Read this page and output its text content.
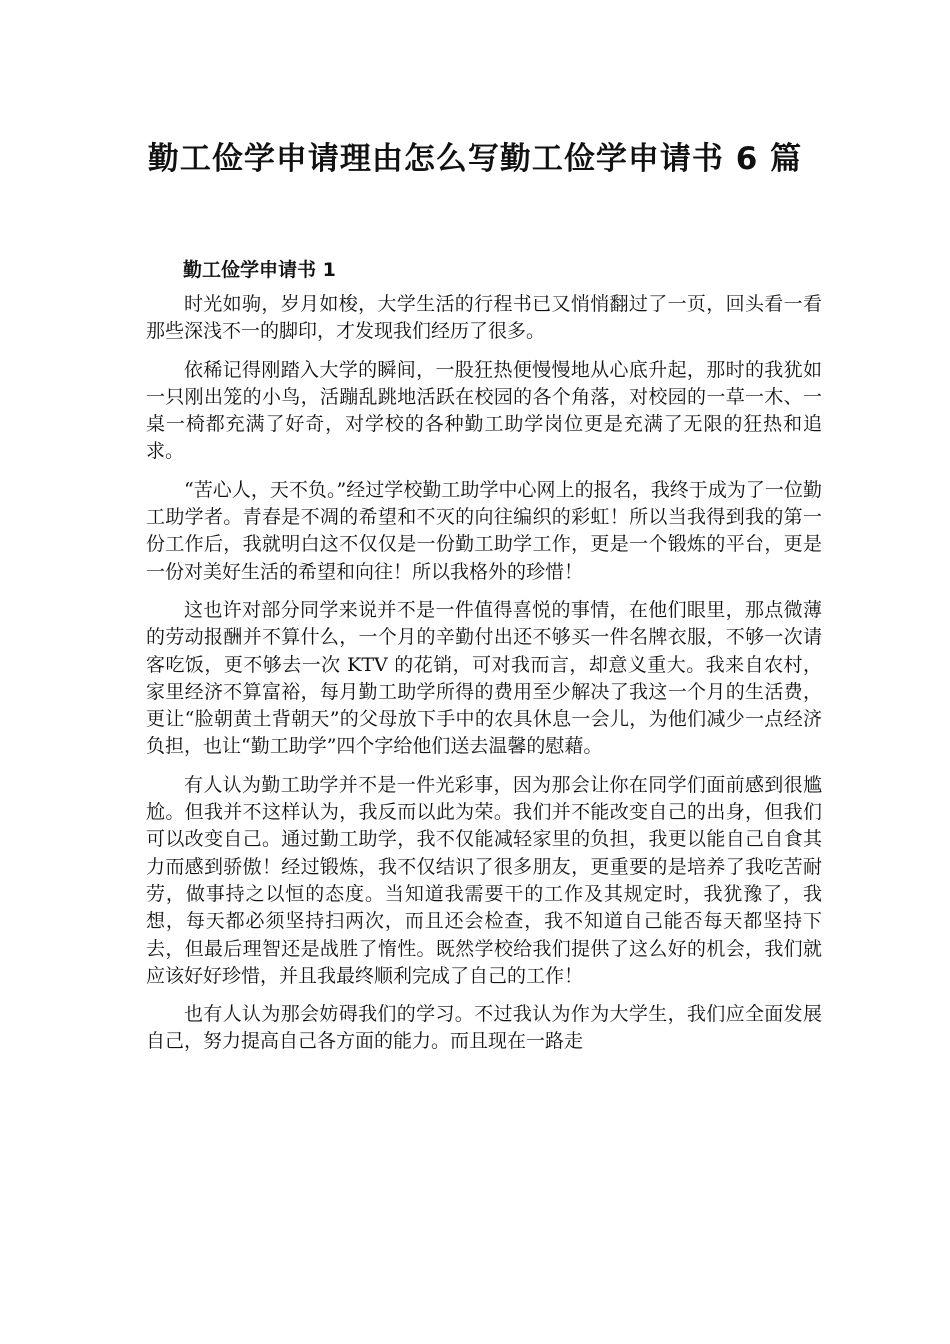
勤工俭学申请理由怎么写勤工俭学申请书 6 篇
勤工俭学申请书 1

时光如驹，岁月如梭，大学生活的行程书已又悄悄翻过了一页，回头看一看那些深浅不一的脚印，才发现我们经历了很多。

依稀记得刚踏入大学的瞬间，一股狂热便慢慢地从心底升起，那时的我犹如一只刚出笼的小鸟，活蹦乱跳地活跃在校园的各个角落，对校园的一草一木、一桌一椅都充满了好奇，对学校的各种勤工助学岗位更是充满了无限的狂热和追求。

“苦心人，天不负。”经过学校勤工助学中心网上的报名，我终于成为了一位勤工助学者。青春是不凋的希望和不灭的向往编织的彩虹！所以当我得到我的第一份工作后，我就明白这不仅仅是一份勤工助学工作，更是一个锻炼的平台，更是一份对美好生活的希望和向往！所以我格外的珍惜！

这也许对部分同学来说并不是一件值得喜悦的事情，在他们眼里，那点微薄的劳动报酬并不算什么，一个月的辛勤付出还不够买一件名牌衣服，不够一次请客吃饭，更不够去一次 KTV 的花销，可对我而言，却意义重大。我来自农村，家里经济不算富裕，每月勤工助学所得的费用至少解决了我这一个月的生活费，更让“脸朝黄土背朝天”的父母放下手中的农具休息一会儿，为他们减少一点经济负担，也让“勤工助学”四个字给他们送去温馨的慰藉。

有人认为勤工助学并不是一件光彩事，因为那会让你在同学们面前感到很尴尬。但我并不这样认为，我反而以此为荣。我们并不能改变自己的出身，但我们可以改变自己。通过勤工助学，我不仅能减轻家里的负担，我更以能自己自食其力而感到骄傲！经过锻炼，我不仅结识了很多朋友，更重要的是培养了我吃苦耐劳，做事持之以恒的态度。当知道我需要干的工作及其规定时，我犹豫了，我想，每天都必须坚持扫两次，而且还会检查，我不知道自己能否每天都坚持下去，但最后理智还是战胜了惰性。既然学校给我们提供了这么好的机会，我们就应该好好珍惜，并且我最终顺利完成了自己的工作！

也有人认为那会妨碍我们的学习。不过我认为作为大学生，我们应全面发展自己，努力提高自己各方面的能力。而且现在一路走
